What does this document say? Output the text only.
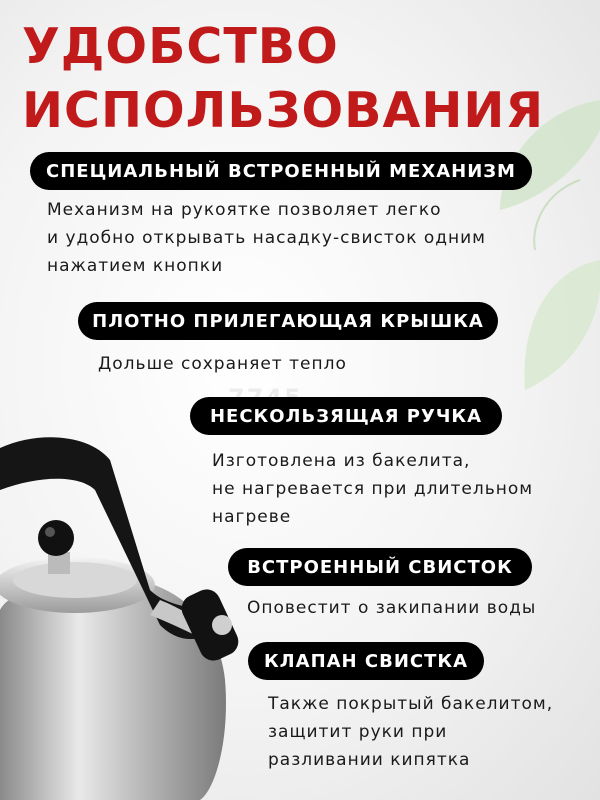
УДОБСТВО
ИСПОЛЬЗОВАНИЯ
СПЕЦИАЛЬНЫЙ ВСТРОЕННЫЙ МЕХАНИЗМ
Механизм на рукоятке позволяет легко
и удобно открывать насадку-свисток одним
нажатием кнопки
ПЛОТНО ПРИЛЕГАЮЩАЯ КРЫШКА
Дольше сохраняет тепло
НЕСКОЛЬЗЯЩАЯ РУЧКА
Изготовлена из бакелита,
не нагревается при длительном
нагреве
ВСТРОЕННЫЙ СВИСТОК
Оповестит о закипании воды
КЛАПАН СВИСТКА
Также покрытый бакелитом,
защитит руки при
разливании кипятка
